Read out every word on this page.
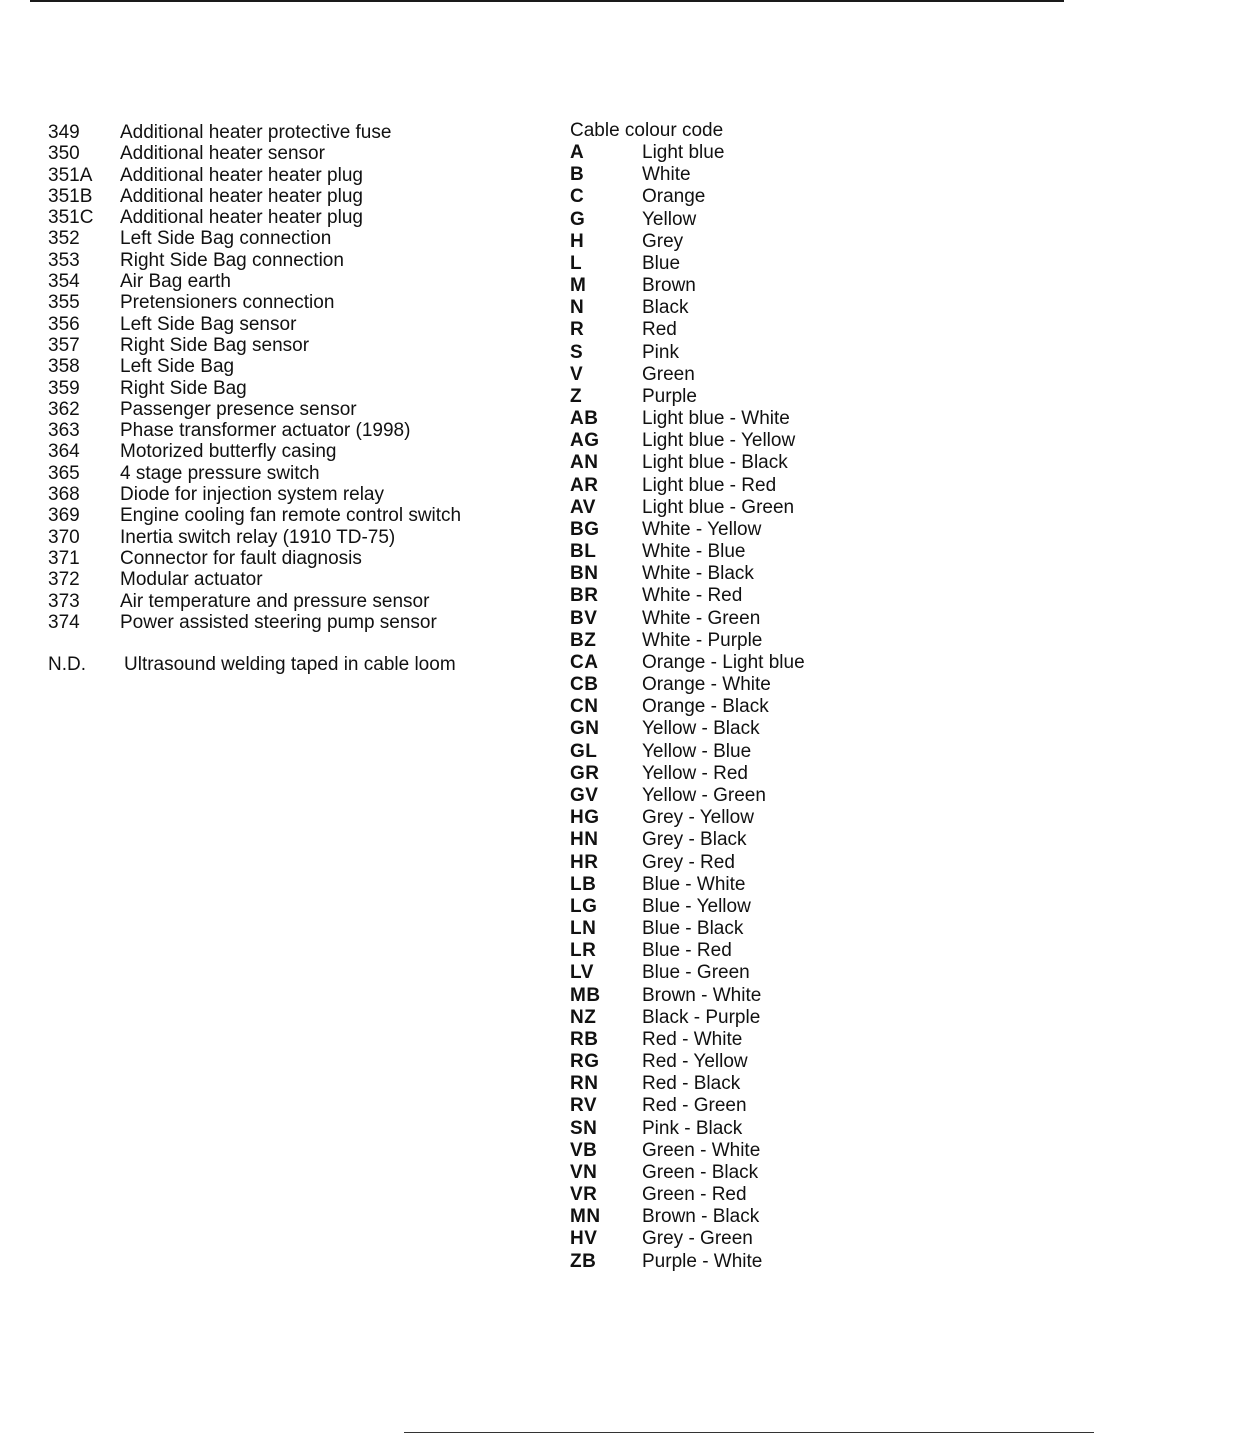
349 Additional heater protective fuse
350 Additional heater sensor
351A Additional heater heater plug
351B Additional heater heater plug
351C Additional heater heater plug
352 Left Side Bag connection
353 Right Side Bag connection
354 Air Bag earth
355 Pretensioners connection
356 Left Side Bag sensor
357 Right Side Bag sensor
358 Left Side Bag
359 Right Side Bag
362 Passenger presence sensor
363 Phase transformer actuator (1998)
364 Motorized butterfly casing
365 4 stage pressure switch
368 Diode for injection system relay
369 Engine cooling fan remote control switch
370 Inertia switch relay (1910 TD-75)
371 Connector for fault diagnosis
372 Modular actuator
373 Air temperature and pressure sensor
374 Power assisted steering pump sensor
N.D. Ultrasound welding taped in cable loom
Cable colour code
A	Light blue
B	White
C	Orange
G	Yellow
H	Grey
L	Blue
M	Brown
N	Black
R	Red
S	Pink
V	Green
Z	Purple
AB Light blue - White
AG Light blue - Yellow
AN Light blue - Black
AR Light blue - Red
AV Light blue - Green
BG White - Yellow
BL White - Blue
BN White - Black
BR White - Red
BV White - Green
BZ White - Purple
CA Orange - Light blue
CB Orange - White
CN Orange - Black
GN Yellow - Black
GL Yellow - Blue
GR Yellow - Red
GV Yellow - Green
HG Grey - Yellow
HN Grey - Black
HR Grey - Red
LB Blue - White
LG Blue - Yellow
LN Blue - Black
LR Blue - Red
LV	Blue - Green
MB Brown - White
NZ Black - Purple
RB Red - White
RG Red - Yellow
RN Red - Black
RV Red - Green
SN Pink - Black
VB Green - White
VN Green - Black
VR Green - Red
MN Brown - Black
HV Grey - Green
ZB Purple - White
